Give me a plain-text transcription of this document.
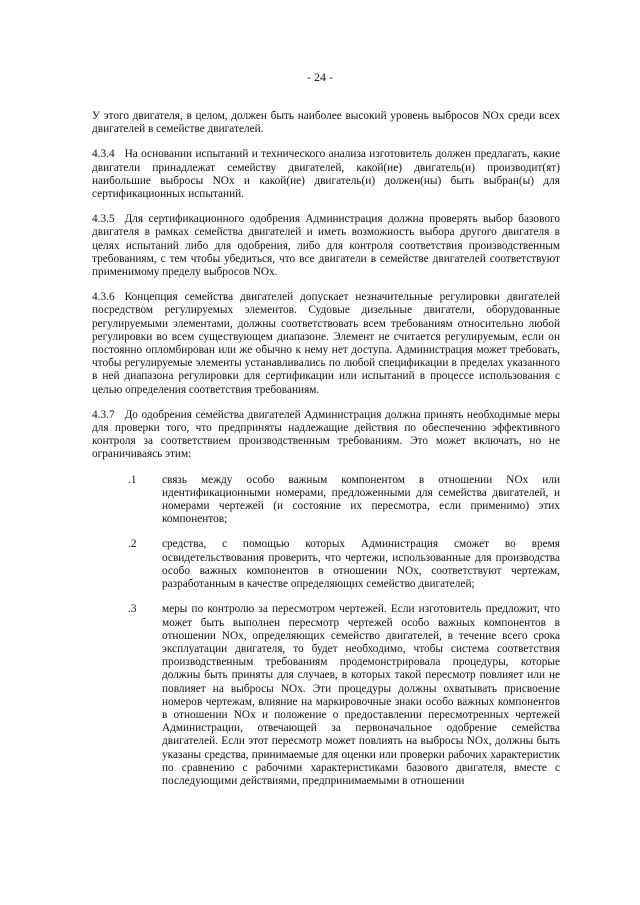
- 24 -

У этого двигателя, в целом, должен быть наиболее высокий уровень выбросов NOx среди всех двигателей в семействе двигателей.

4.3.4 На основании испытаний и технического анализа изготовитель должен предлагать, какие двигатели принадлежат семейству двигателей, какой(ие) двигатель(и) производит(ят) наибольшие выбросы NOx и какой(ие) двигатель(и) должен(ны) быть выбран(ы) для сертификационных испытаний.

4.3.5 Для сертификационного одобрения Администрация должна проверять выбор базового двигателя в рамках семейства двигателей и иметь возможность выбора другого двигателя в целях испытаний либо для одобрения, либо для контроля соответствия производственным требованиям, с тем чтобы убедиться, что все двигатели в семействе двигателей соответствуют применимому пределу выбросов NOx.

4.3.6 Концепция семейства двигателей допускает незначительные регулировки двигателей посредством регулируемых элементов. Судовые дизельные двигатели, оборудованные регулируемыми элементами, должны соответствовать всем требованиям относительно любой регулировки во всем существующем диапазоне. Элемент не считается регулируемым, если он постоянно опломбирован или же обычно к нему нет доступа. Администрация может требовать, чтобы регулируемые элементы устанавливались по любой спецификации в пределах указанного в ней диапазона регулировки для сертификации или испытаний в процессе использования с целью определения соответствия требованиям.

4.3.7 До одобрения семейства двигателей Администрация должна принять необходимые меры для проверки того, что предприняты надлежащие действия по обеспечению эффективного контроля за соответствием производственным требованиям. Это может включать, но не ограничиваясь этим:

.1	связь между особо важным компонентом в отношении NOx или идентификационными номерами, предложенными для семейства двигателей, и номерами чертежей (и состояние их пересмотра, если применимо) этих компонентов;
.2	средства, с помощью которых Администрация сможет во время освидетельствования проверить, что чертежи, использованные для производства особо важных компонентов в отношении NOx, соответствуют чертежам, разработанным в качестве определяющих семейство двигателей;
.3	меры по контролю за пересмотром чертежей. Если изготовитель предложит, что может быть выполнен пересмотр чертежей особо важных компонентов в отношении NOx, определяющих семейство двигателей, в течение всего срока эксплуатации двигателя, то будет необходимо, чтобы система соответствия производственным требованиям продемонстрировала процедуры, которые должны быть приняты для случаев, в которых такой пересмотр повлияет или не повлияет на выбросы NOx. Эти процедуры должны охватывать присвоение номеров чертежам, влияние на маркировочные знаки особо важных компонентов в отношении NOx и положение о предоставлении пересмотренных чертежей Администрации, отвечающей за первоначальное одобрение семейства двигателей. Если этот пересмотр может повлиять на выбросы NOx, должны быть указаны средства, принимаемые для оценки или проверки рабочих характеристик по сравнению с рабочими характеристиками базового двигателя, вместе с последующими действиями, предпринимаемыми в отношении
